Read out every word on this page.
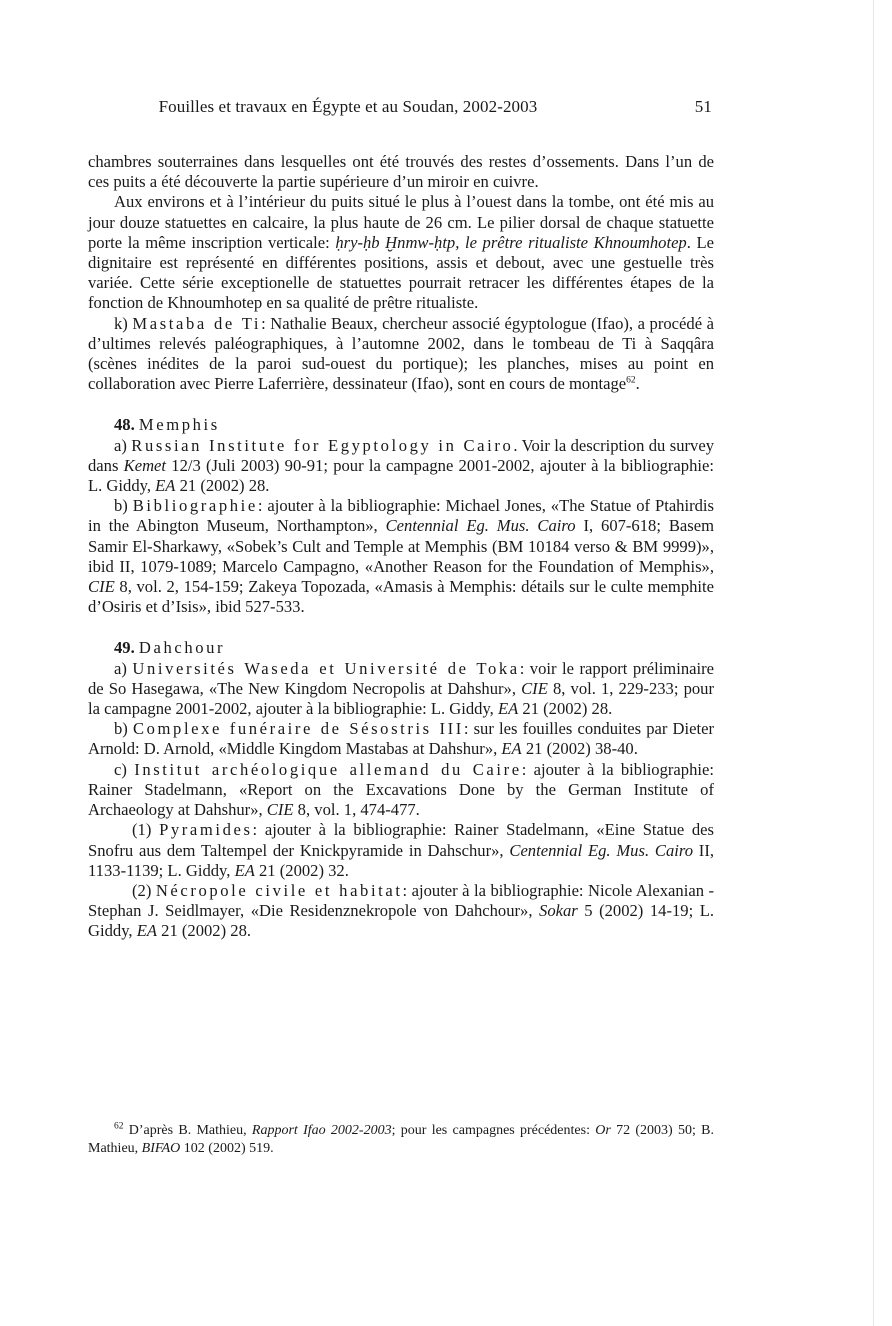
Fouilles et travaux en Égypte et au Soudan, 2002-2003	51

chambres souterraines dans lesquelles ont été trouvés des restes d’ossements. Dans l’un de ces puits a été découverte la partie supérieure d’un miroir en cuivre.

Aux environs et à l’intérieur du puits situé le plus à l’ouest dans la tombe, ont été mis au jour douze statuettes en calcaire, la plus haute de 26 cm. Le pilier dorsal de chaque statuette porte la même inscription verticale: ḥry-ḥb Ḫnmw-ḥtp, le prêtre ritualiste Khnoumhotep. Le dignitaire est représenté en différentes positions, assis et debout, avec une gestuelle très variée. Cette série exceptionelle de statuettes pourrait retracer les différentes étapes de la fonction de Khnoumhotep en sa qualité de prêtre ritualiste.

k) Mastaba de Ti: Nathalie Beaux, chercheur associé égyptologue (Ifao), a procédé à d’ultimes relevés paléographiques, à l’automne 2002, dans le tombeau de Ti à Saqqâra (scènes inédites de la paroi sud-ouest du portique); les planches, mises au point en collaboration avec Pierre Laferrière, dessinateur (Ifao), sont en cours de montage$^{62}$.

48. Memphis

a) Russian Institute for Egyptology in Cairo. Voir la description du survey dans Kemet 12/3 (Juli 2003) 90-91; pour la campagne 2001-2002, ajouter à la bibliographie: L. Giddy, EA 21 (2002) 28.

b) Bibliographie: ajouter à la bibliographie: Michael Jones, «The Statue of Ptahirdis in the Abington Museum, Northampton», Centennial Eg. Mus. Cairo I, 607-618; Basem Samir El-Sharkawy, «Sobek’s Cult and Temple at Memphis (BM 10184 verso & BM 9999)», ibid II, 1079-1089; Marcelo Campagno, «Another Reason for the Foundation of Memphis», CIE 8, vol. 2, 154-159; Zakeya Topozada, «Amasis à Memphis: détails sur le culte memphite d’Osiris et d’Isis», ibid 527-533.

49. Dahchour

a) Universités Waseda et Université de Toka: voir le rapport préliminaire de So Hasegawa, «The New Kingdom Necropolis at Dahshur», CIE 8, vol. 1, 229-233; pour la campagne 2001-2002, ajouter à la bibliographie: L. Giddy, EA 21 (2002) 28.

b) Complexe funéraire de Sésostris III: sur les fouilles conduites par Dieter Arnold: D. Arnold, «Middle Kingdom Mastabas at Dahshur», EA 21 (2002) 38-40.

c) Institut archéologique allemand du Caire: ajouter à la bibliographie: Rainer Stadelmann, «Report on the Excavations Done by the German Institute of Archaeology at Dahshur», CIE 8, vol. 1, 474-477.

(1) Pyramides: ajouter à la bibliographie: Rainer Stadelmann, «Eine Statue des Snofru aus dem Taltempel der Knickpyramide in Dahschur», Centennial Eg. Mus. Cairo II, 1133-1139; L. Giddy, EA 21 (2002) 32.

(2) Nécropole civile et habitat: ajouter à la bibliographie: Nicole Alexanian - Stephan J. Seidlmayer, «Die Residenznekropole von Dahchour», Sokar 5 (2002) 14-19; L. Giddy, EA 21 (2002) 28.

$^{62}$ D’après B. Mathieu, Rapport Ifao 2002-2003; pour les campagnes précédentes: Or 72 (2003) 50; B. Mathieu, BIFAO 102 (2002) 519.
